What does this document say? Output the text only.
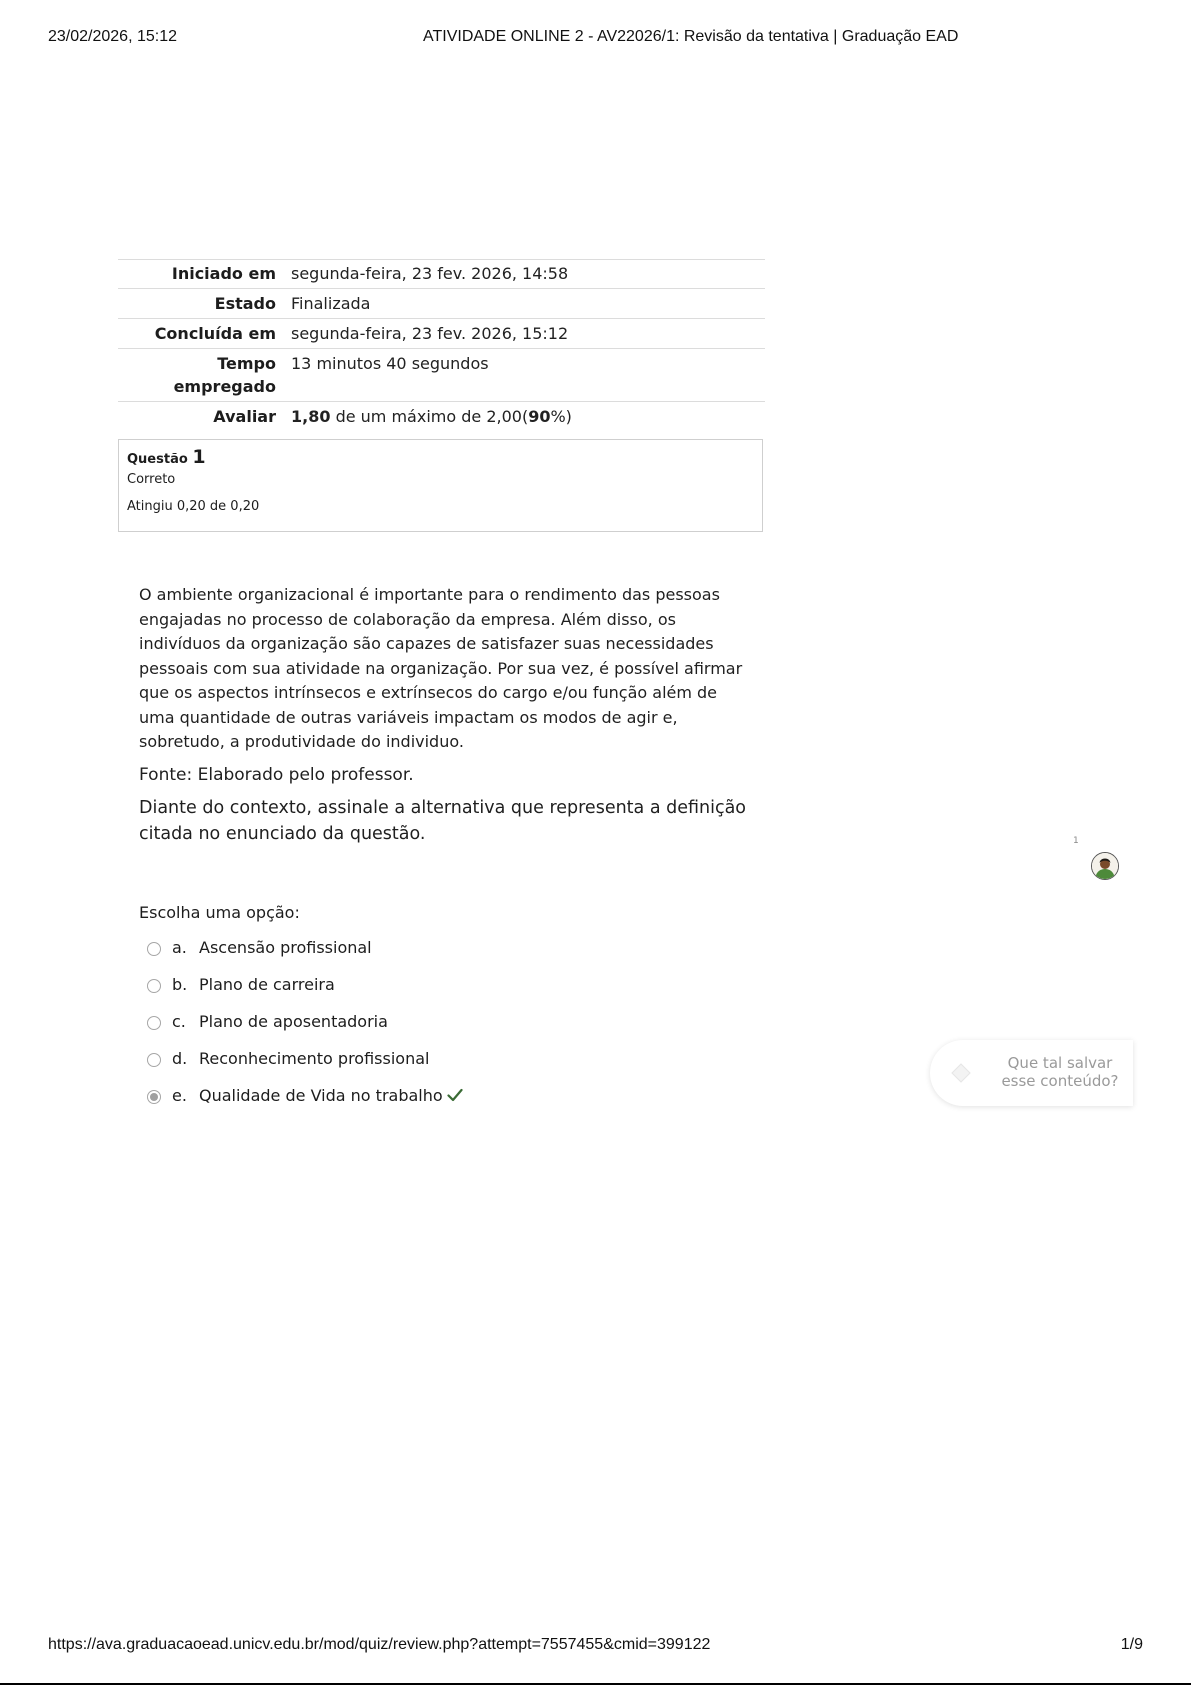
23/02/2026, 15:12	ATIVIDADE ONLINE 2 - AV22026/1: Revisão da tentativa | Graduação EAD
Iniciado em	segunda-feira, 23 fev. 2026, 14:58
Estado	Finalizada
Concluída em	segunda-feira, 23 fev. 2026, 15:12
Tempo empregado	13 minutos 40 segundos
Avaliar	1,80 de um máximo de 2,00(90%)
Questão 1
Correto
Atingiu 0,20 de 0,20

O ambiente organizacional é importante para o rendimento das pessoas engajadas no processo de colaboração da empresa. Além disso, os indivíduos da organização são capazes de satisfazer suas necessidades pessoais com sua atividade na organização. Por sua vez, é possível afirmar que os aspectos intrínsecos e extrínsecos do cargo e/ou função além de uma quantidade de outras variáveis impactam os modos de agir e, sobretudo, a produtividade do individuo.

Fonte: Elaborado pelo professor.

Diante do contexto, assinale a alternativa que representa a definição citada no enunciado da questão.	1
Escolha uma opção:
a. Ascensão profissional
b. Plano de carreira
c. Plano de aposentadoria
d. Reconhecimento profissional
e. Qualidade de Vida no trabalho
Que tal salvar
esse conteúdo?
https://ava.graduacaoead.unicv.edu.br/mod/quiz/review.php?attempt=7557455&cmid=399122	1/9
